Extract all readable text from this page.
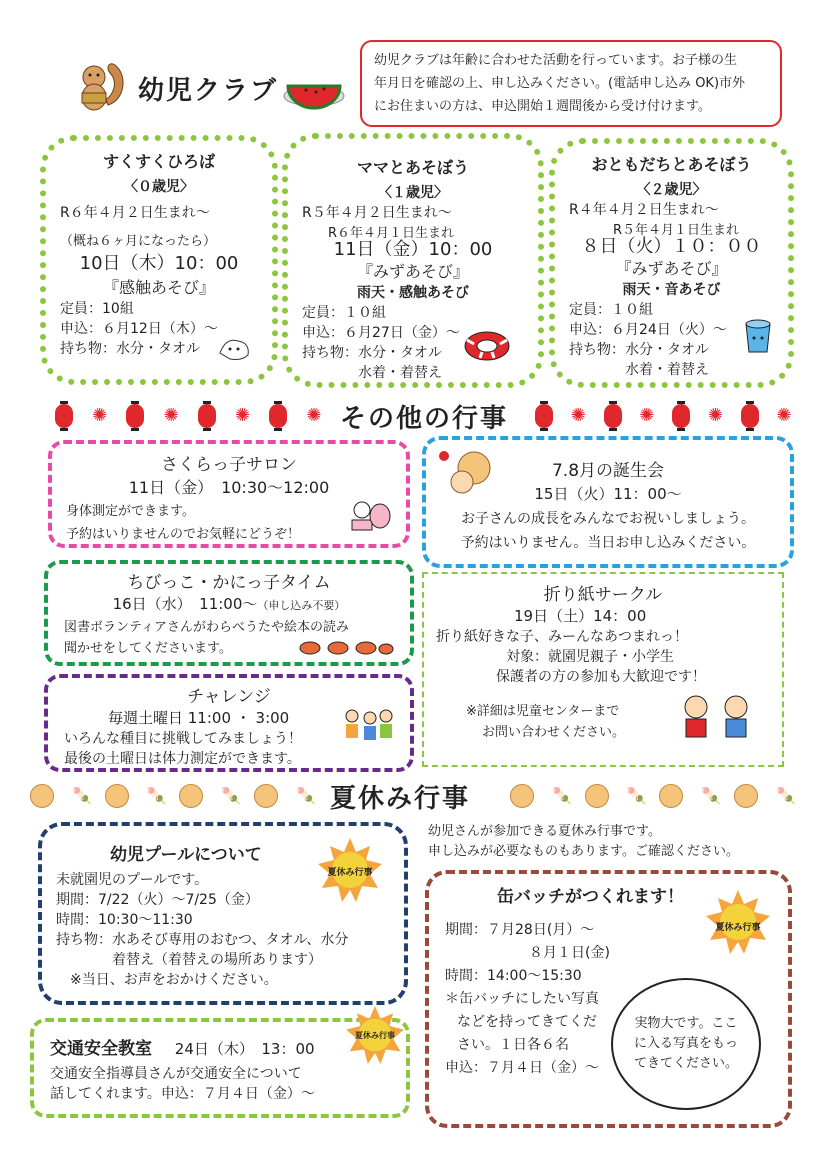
幼児クラブ
幼児クラブは年齢に合わせた活動を行っています。お子様の生
年月日を確認の上、申し込みください。(電話申し込み OK)市外
にお住まいの方は、申込開始１週間後から受け付けます。
すくすくひろば
〈０歳児〉
R６年４月２日生まれ～
（概ね６ヶ月になったら）
10日（木）10：00
『感触あそび』
定員：10組
申込：６月12日（木）～
持ち物：水分・タオル
ママとあそぼう
〈１歳児〉
R５年４月２日生まれ～
R６年４月１日生まれ
11日（金）10：00
『みずあそび』
雨天・感触あそび
定員：１０組
申込：６月27日（金）～
持ち物：水分・タオル
水着・着替え
おともだちとあそぼう
〈２歳児〉
R４年４月２日生まれ～
R５年４月１日生まれ
８日（火）１０：００
『みずあそび』
雨天・音あそび
定員：１０組
申込：６月24日（火）～
持ち物：水分・タオル
水着・着替え
✺	✺	✺	✺ その他の行事	✺	✺	✺	✺
さくらっ子サロン
11日（金）　10:30～12:00
身体測定ができます。
予約はいりませんのでお気軽にどうぞ！
7.8月の誕生会
15日（火）11：00～
お子さんの成長をみんなでお祝いしましょう。
予約はいりません。当日お申し込みください。
ちびっこ・かにっ子タイム
16日（水）　11:00～（申し込み不要）
図書ボランティアさんがわらべうたや絵本の読み
聞かせをしてくださいます。
折り紙サークル
19日（土）14：00
折り紙好きな子、みーんなあつまれっ！
対象：就園児親子・小学生
保護者の方の参加も大歓迎です！
※詳細は児童センターまで
お問い合わせください。
チャレンジ
毎週土曜日 11:00 ・ 3:00
いろんな種目に挑戦してみましょう！
最後の土曜日は体力測定ができます。
🍡	🍡	🍡	🍡 夏休み行事	🍡	🍡	🍡	🍡
幼児プールについて
未就園児のプールです。
期間：7/22（火）～7/25（金）
時間：10:30～11:30
持ち物：水あそび専用のおむつ、タオル、水分
着替え（着替えの場所あります）
※当日、お声をおかけください。
夏休み行事
幼児さんが参加できる夏休み行事です。
申し込みが必要なものもあります。ご確認ください。
缶バッチがつくれます！
期間：７月28日(月）～
８月１日(金)
時間：14:00～15:30
＊缶バッチにしたい写真
などを持ってきてくだ
さい。１日各６名
申込：７月４日（金）～
夏休み行事
実物大です。ここ
に入る写真をもっ
てきてください。
交通安全教室 24日（木）　13：00
交通安全指導員さんが交通安全について
話してくれます。申込：７月４日（金）～
夏休み行事
